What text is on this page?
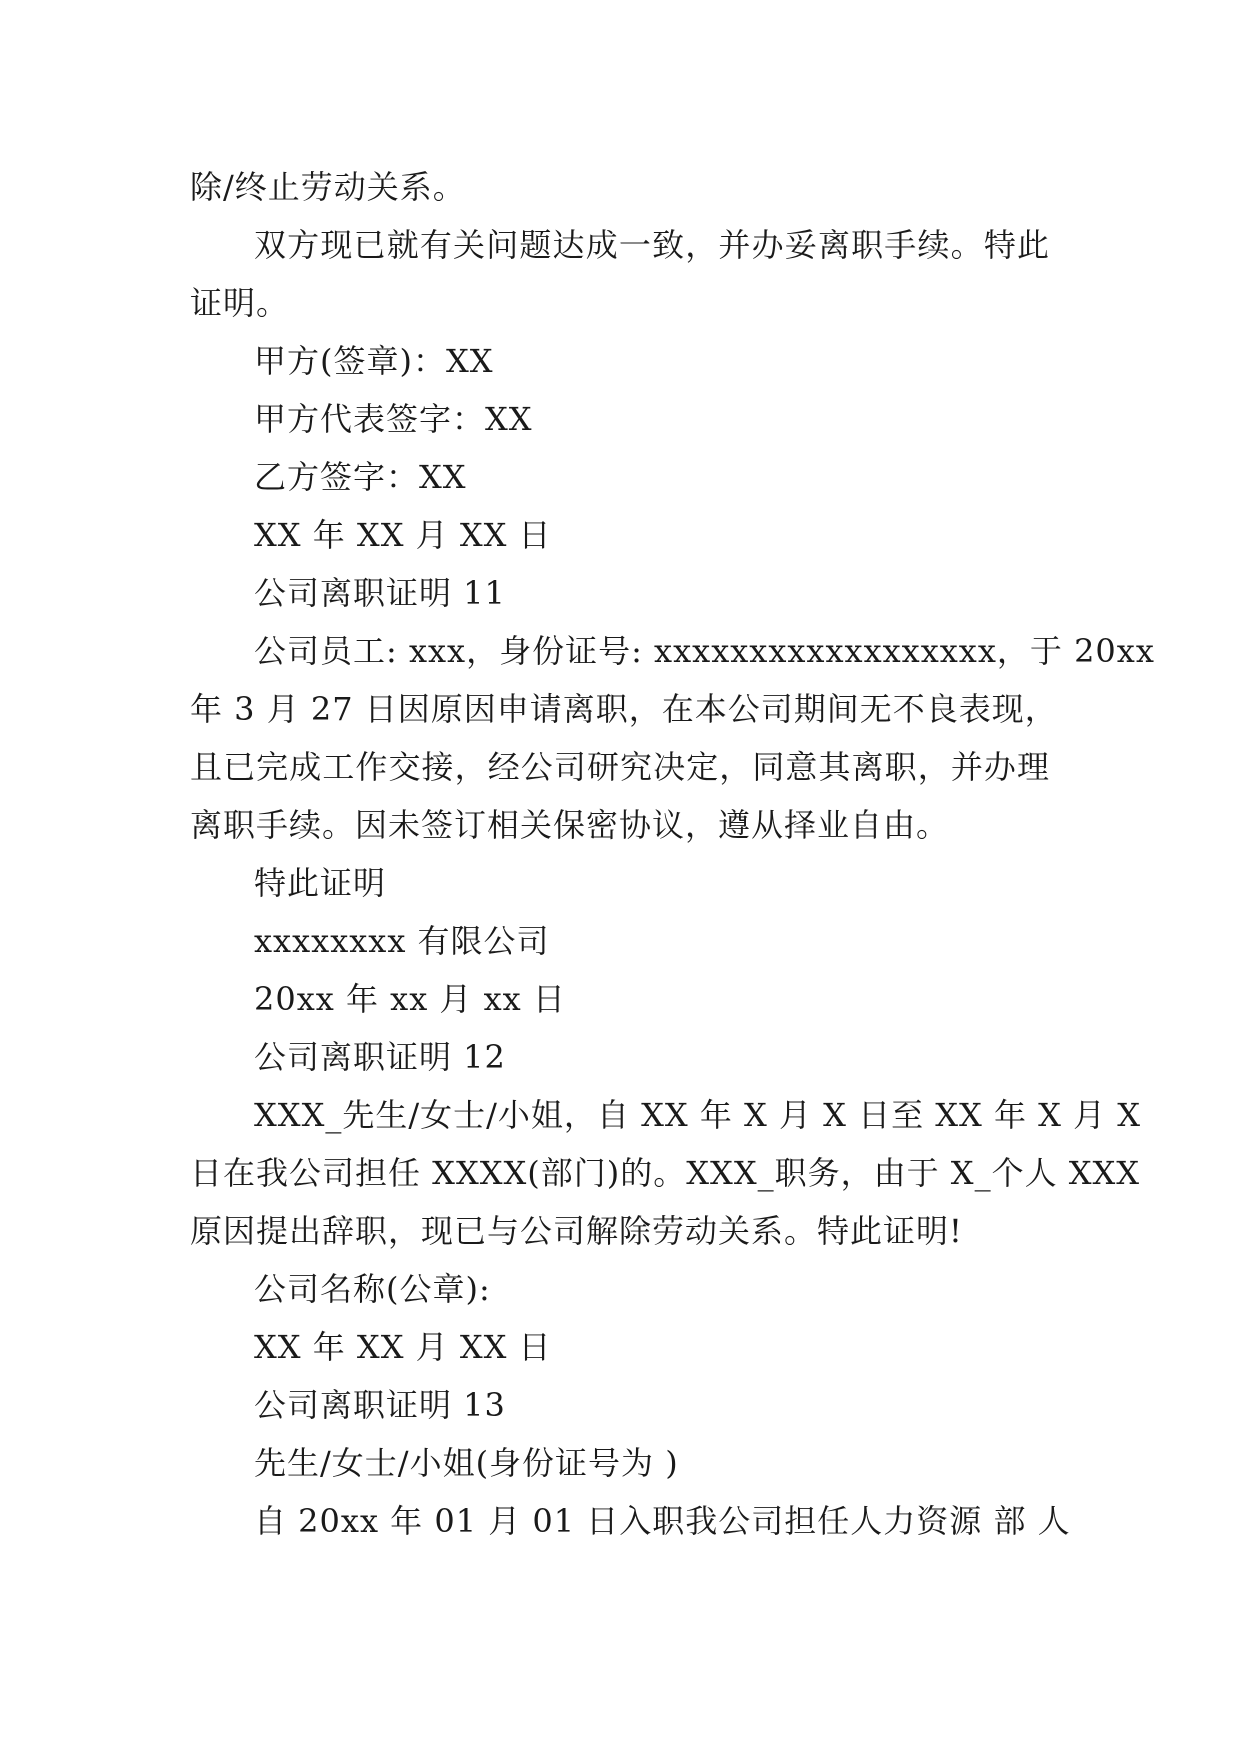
除/终止劳动关系。
双方现已就有关问题达成一致，并办妥离职手续。特此
证明。
甲方(签章)：XX
甲方代表签字：XX
乙方签字：XX
XX 年 XX 月 XX 日
公司离职证明 11
公司员工: xxx，身份证号: xxxxxxxxxxxxxxxxxx，于 20xx
年 3 月 27 日因原因申请离职，在本公司期间无不良表现，
且已完成工作交接，经公司研究决定，同意其离职，并办理
离职手续。因未签订相关保密协议，遵从择业自由。
特此证明
xxxxxxxx 有限公司
20xx 年 xx 月 xx 日
公司离职证明 12
XXX_先生/女士/小姐，自 XX 年 X 月 X 日至 XX 年 X 月 X
日在我公司担任 XXXX(部门)的。XXX_职务，由于 X_个人 XXX
原因提出辞职，现已与公司解除劳动关系。特此证明!
公司名称(公章):
XX 年 XX 月 XX 日
公司离职证明 13
先生/女士/小姐(身份证号为 )
自 20xx 年 01 月 01 日入职我公司担任人力资源 部 人
